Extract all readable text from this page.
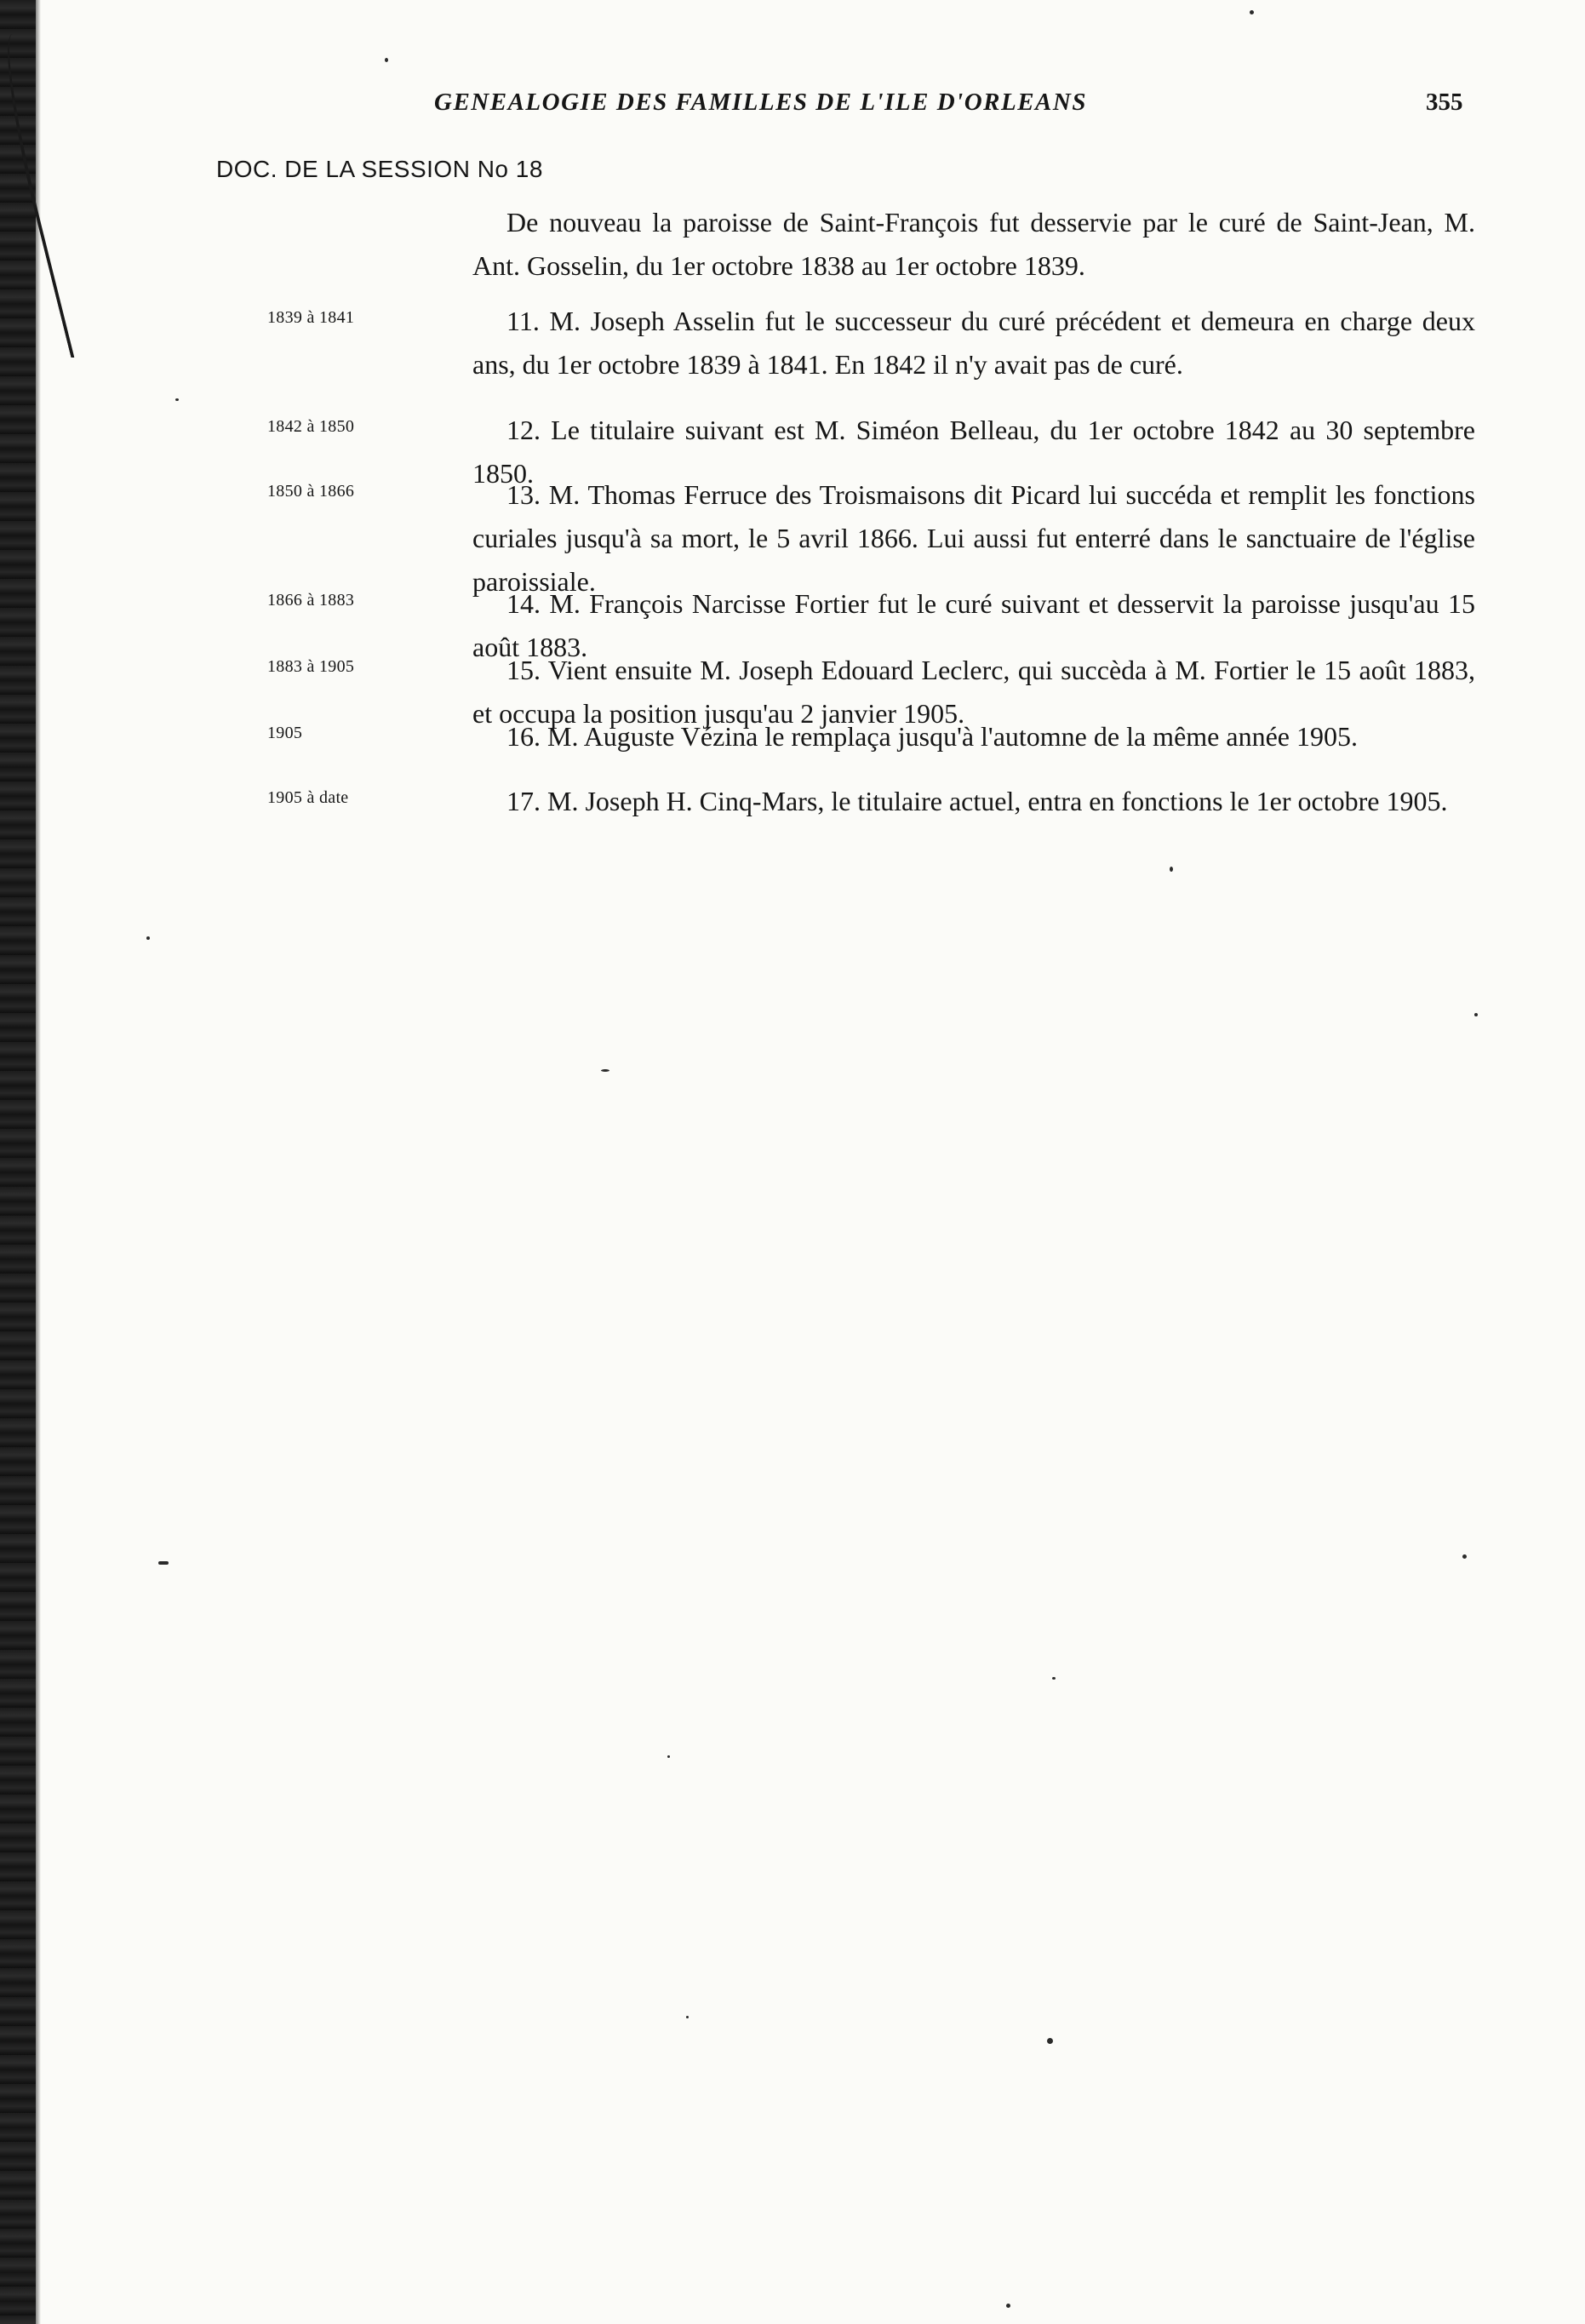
GENEALOGIE DES FAMILLES DE L'ILE D'ORLEANS	355
DOC. DE LA SESSION No 18

De nouveau la paroisse de Saint-François fut desservie par le curé de Saint-Jean, M. Ant. Gosselin, du 1er octobre 1838 au 1er octobre 1839.

1839 à 1841	11. M. Joseph Asselin fut le successeur du curé précédent et demeura en charge deux ans, du 1er octobre 1839 à 1841. En 1842 il n'y avait pas de curé.

1842 à 1850	12. Le titulaire suivant est M. Siméon Belleau, du 1er octobre 1842 au 30 septembre 1850.

1850 à 1866	13. M. Thomas Ferruce des Troismaisons dit Picard lui succéda et remplit les fonctions curiales jusqu'à sa mort, le 5 avril 1866. Lui aussi fut enterré dans le sanctuaire de l'église paroissiale.

1866 à 1883	14. M. François Narcisse Fortier fut le curé suivant et desservit la paroisse jusqu'au 15 août 1883.

1883 à 1905	15. Vient ensuite M. Joseph Edouard Leclerc, qui succèda à M. Fortier le 15 août 1883, et occupa la position jusqu'au 2 janvier 1905.

1905	16. M. Auguste Vézina le remplaça jusqu'à l'automne de la même année 1905.

1905 à date	17. M. Joseph H. Cinq-Mars, le titulaire actuel, entra en fonctions le 1er octobre 1905.
